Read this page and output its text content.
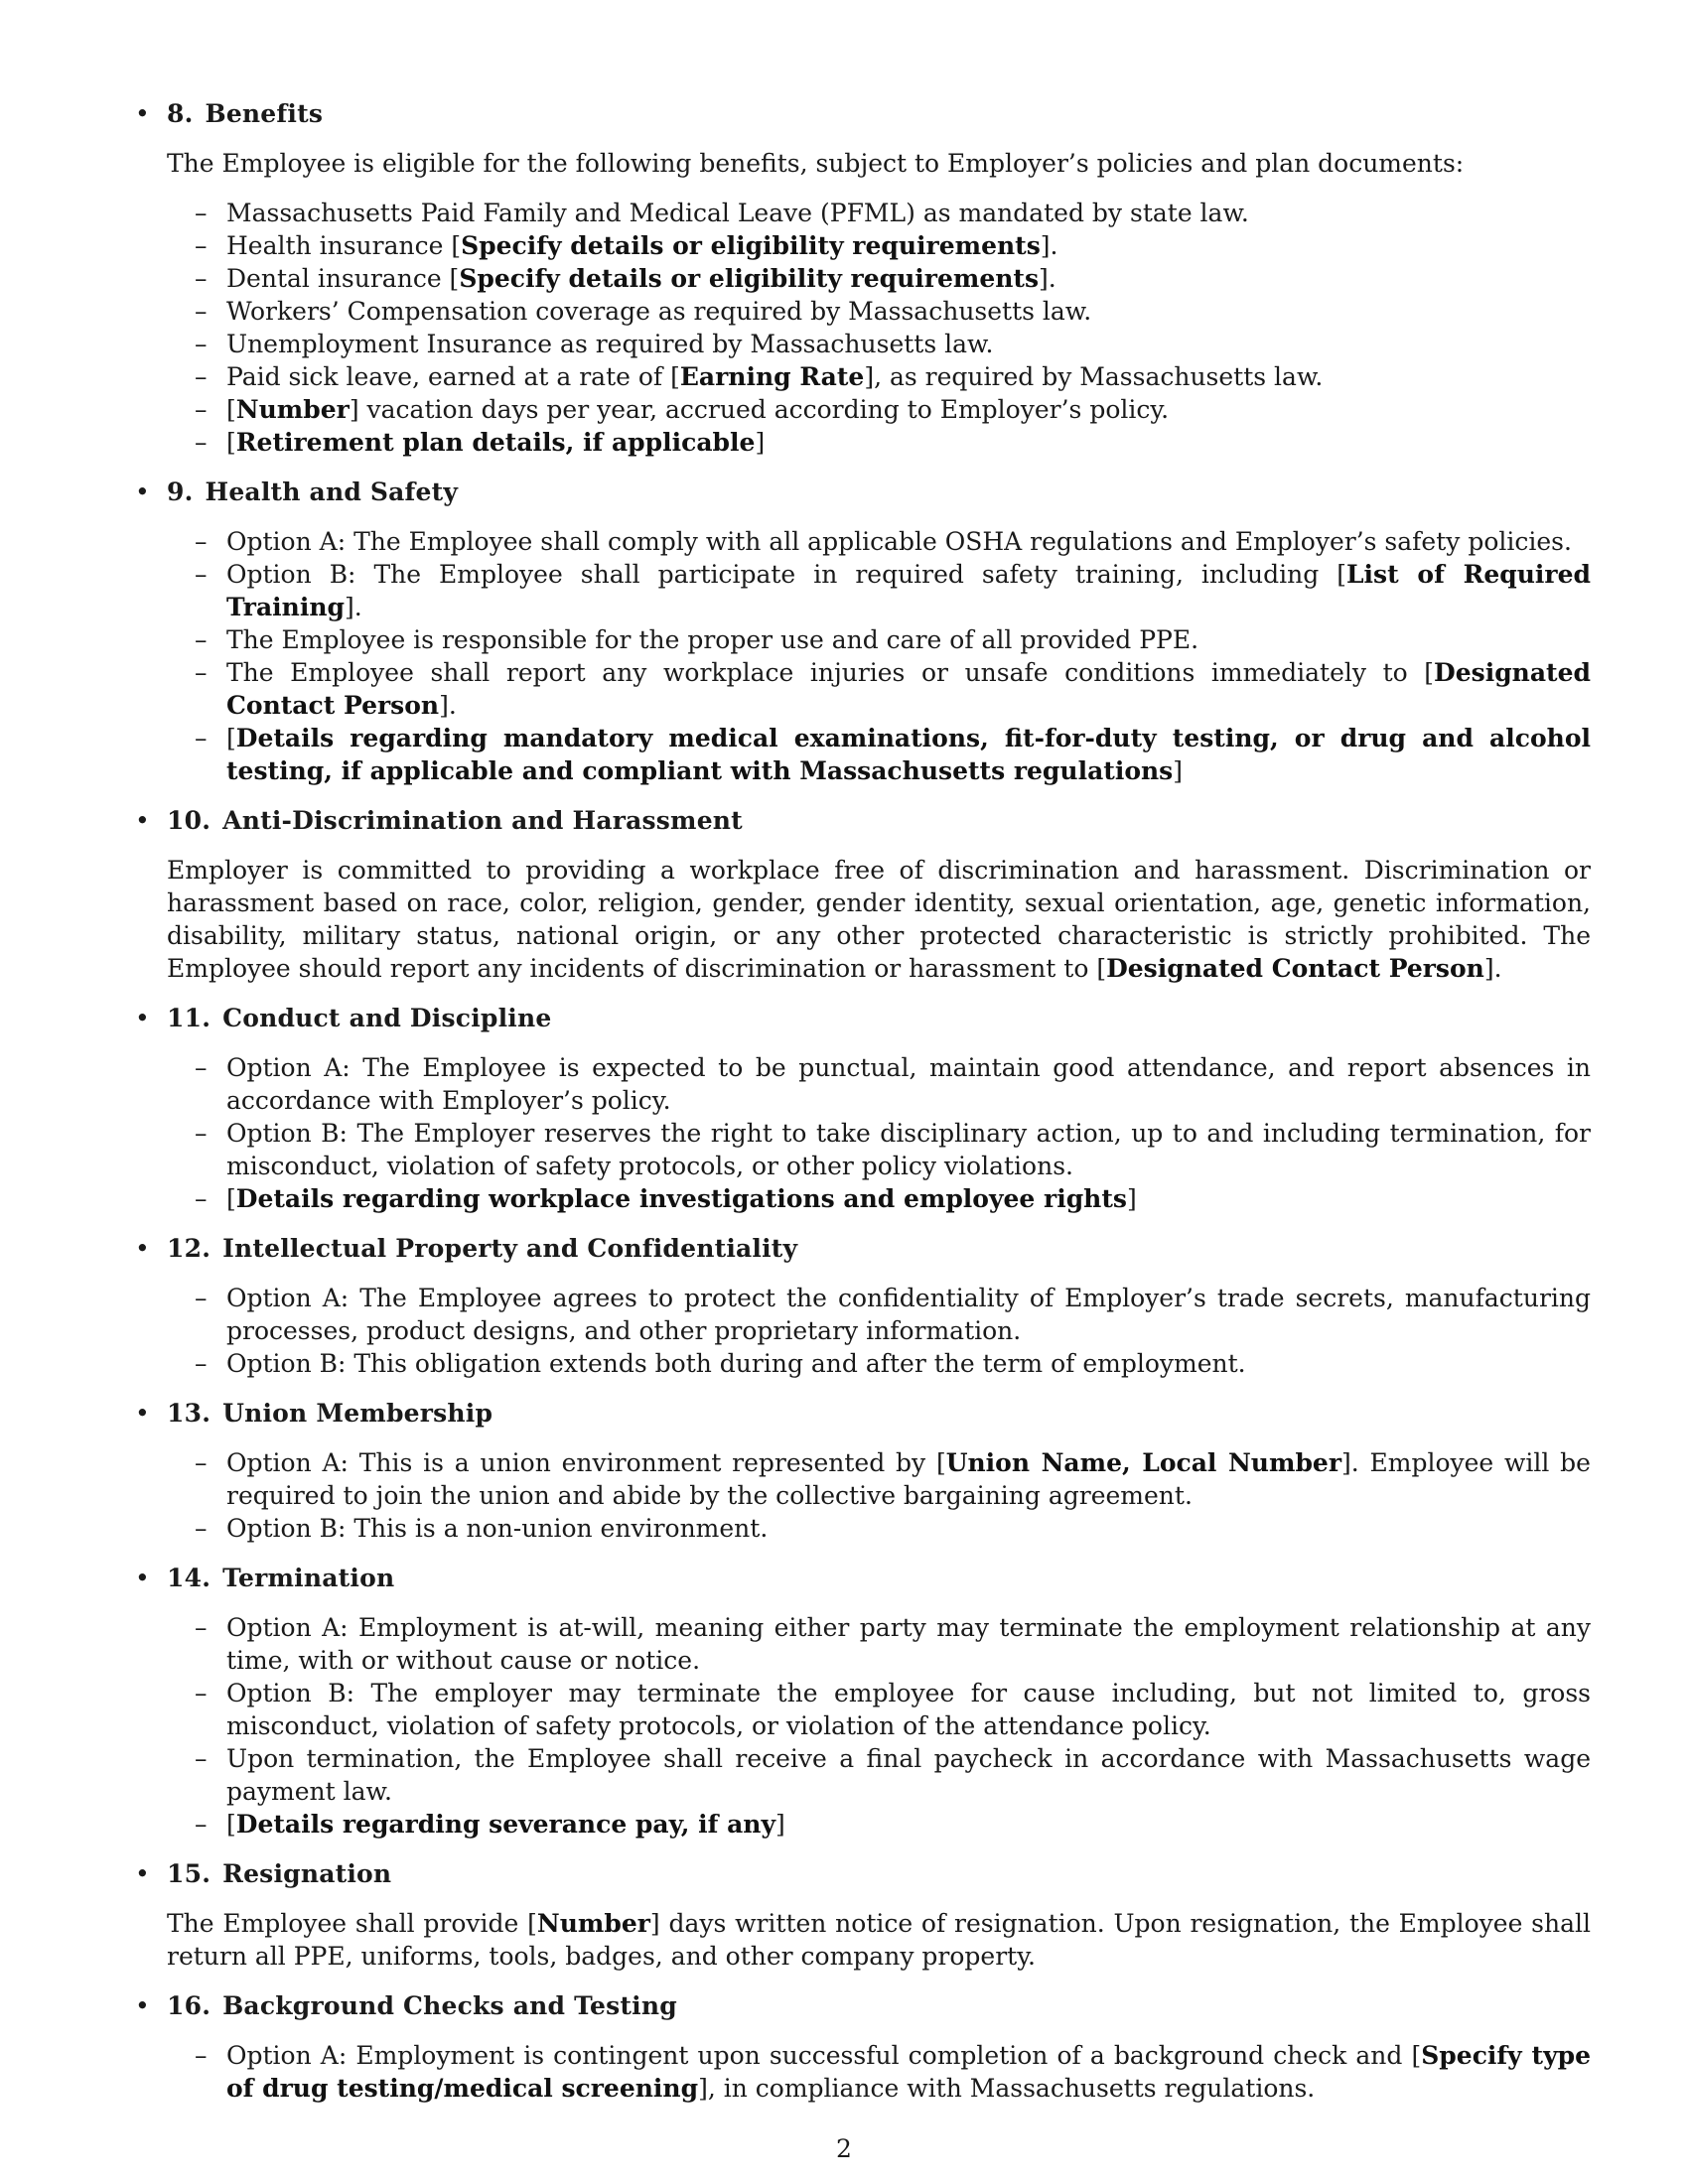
• 8. Benefits
The Employee is eligible for the following benefits, subject to Employer’s policies and plan documents:
– Massachusetts Paid Family and Medical Leave (PFML) as mandated by state law.
– Health insurance [Specify details or eligibility requirements].
– Dental insurance [Specify details or eligibility requirements].
– Workers’ Compensation coverage as required by Massachusetts law.
– Unemployment Insurance as required by Massachusetts law.
– Paid sick leave, earned at a rate of [Earning Rate], as required by Massachusetts law.
– [Number] vacation days per year, accrued according to Employer’s policy.
– [Retirement plan details, if applicable]
• 9. Health and Safety
– Option A: The Employee shall comply with all applicable OSHA regulations and Employer’s safety policies.
– Option B: The Employee shall participate in required safety training, including [List of Required Training].
– The Employee is responsible for the proper use and care of all provided PPE.
– The Employee shall report any workplace injuries or unsafe conditions immediately to [Designated Contact Person].
– [Details regarding mandatory medical examinations, fit-for-duty testing, or drug and alcohol testing, if applicable and compliant with Massachusetts regulations]
• 10. Anti-Discrimination and Harassment
Employer is committed to providing a workplace free of discrimination and harassment. Discrimination or harassment based on race, color, religion, gender, gender identity, sexual orientation, age, genetic information, disability, military status, national origin, or any other protected characteristic is strictly prohibited. The Employee should report any incidents of discrimination or harassment to [Designated Contact Person].
• 11. Conduct and Discipline
– Option A: The Employee is expected to be punctual, maintain good attendance, and report absences in accordance with Employer’s policy.
– Option B: The Employer reserves the right to take disciplinary action, up to and including termination, for misconduct, violation of safety protocols, or other policy violations.
– [Details regarding workplace investigations and employee rights]
• 12. Intellectual Property and Confidentiality
– Option A: The Employee agrees to protect the confidentiality of Employer’s trade secrets, manufacturing processes, product designs, and other proprietary information.
– Option B: This obligation extends both during and after the term of employment.
• 13. Union Membership
– Option A: This is a union environment represented by [Union Name, Local Number]. Employee will be required to join the union and abide by the collective bargaining agreement.
– Option B: This is a non-union environment.
• 14. Termination
– Option A: Employment is at-will, meaning either party may terminate the employment relationship at any time, with or without cause or notice.
– Option B: The employer may terminate the employee for cause including, but not limited to, gross misconduct, violation of safety protocols, or violation of the attendance policy.
– Upon termination, the Employee shall receive a final paycheck in accordance with Massachusetts wage payment law.
– [Details regarding severance pay, if any]
• 15. Resignation
The Employee shall provide [Number] days written notice of resignation. Upon resignation, the Employee shall return all PPE, uniforms, tools, badges, and other company property.
• 16. Background Checks and Testing
– Option A: Employment is contingent upon successful completion of a background check and [Specify type of drug testing/medical screening], in compliance with Massachusetts regulations.
2
